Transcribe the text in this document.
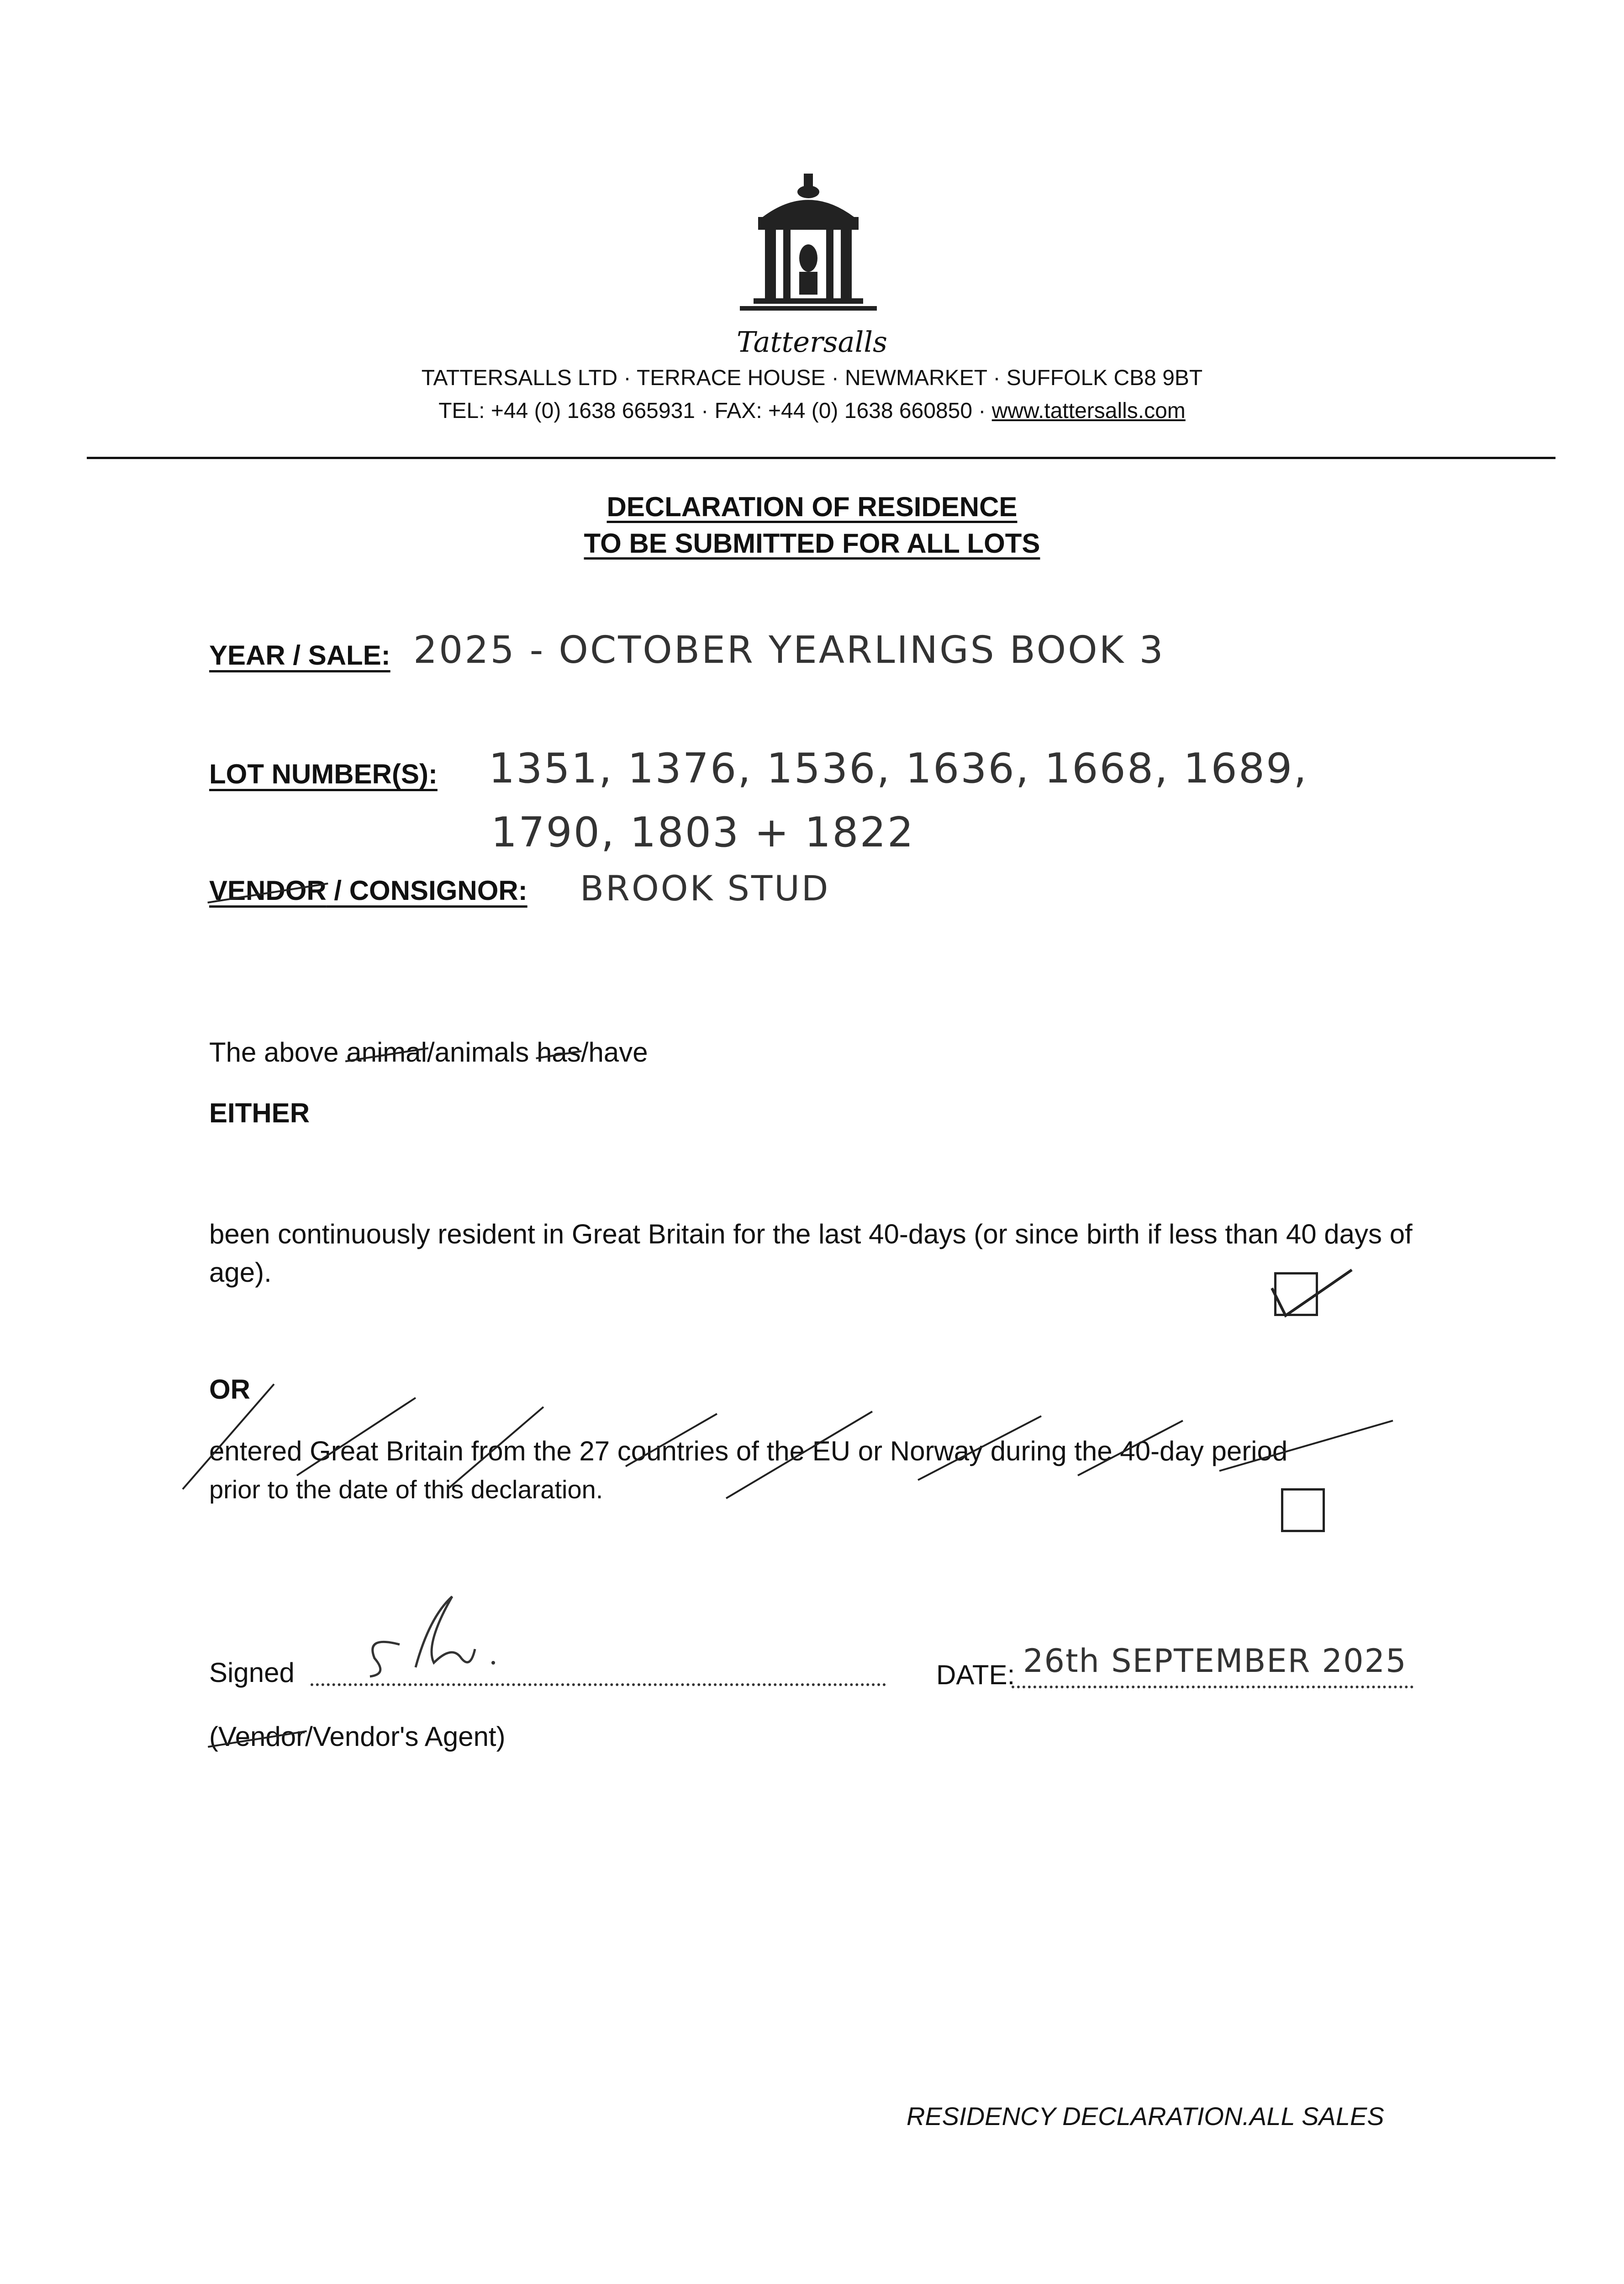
Tattersalls
TATTERSALLS LTD · TERRACE HOUSE · NEWMARKET · SUFFOLK CB8 9BT
TEL: +44 (0) 1638 665931 · FAX: +44 (0) 1638 660850 · www.tattersalls.com
DECLARATION OF RESIDENCE
TO BE SUBMITTED FOR ALL LOTS
YEAR / SALE: 2025 - OCTOBER YEARLINGS BOOK 3
LOT NUMBER(S): 1351, 1376, 1536, 1636, 1668, 1689,
1790, 1803 + 1822
VENDOR / CONSIGNOR: BROOK STUD
The above animal/animals has/have
EITHER
been continuously resident in Great Britain for the last 40-days (or since birth if less than 40 days of age).
OR
entered Great Britain from the 27 countries of the EU or Norway during the 40-day period
prior to the date of this declaration.
Signed	DATE: 26th SEPTEMBER 2025
(Vendor/Vendor's Agent)
RESIDENCY DECLARATION.ALL SALES
